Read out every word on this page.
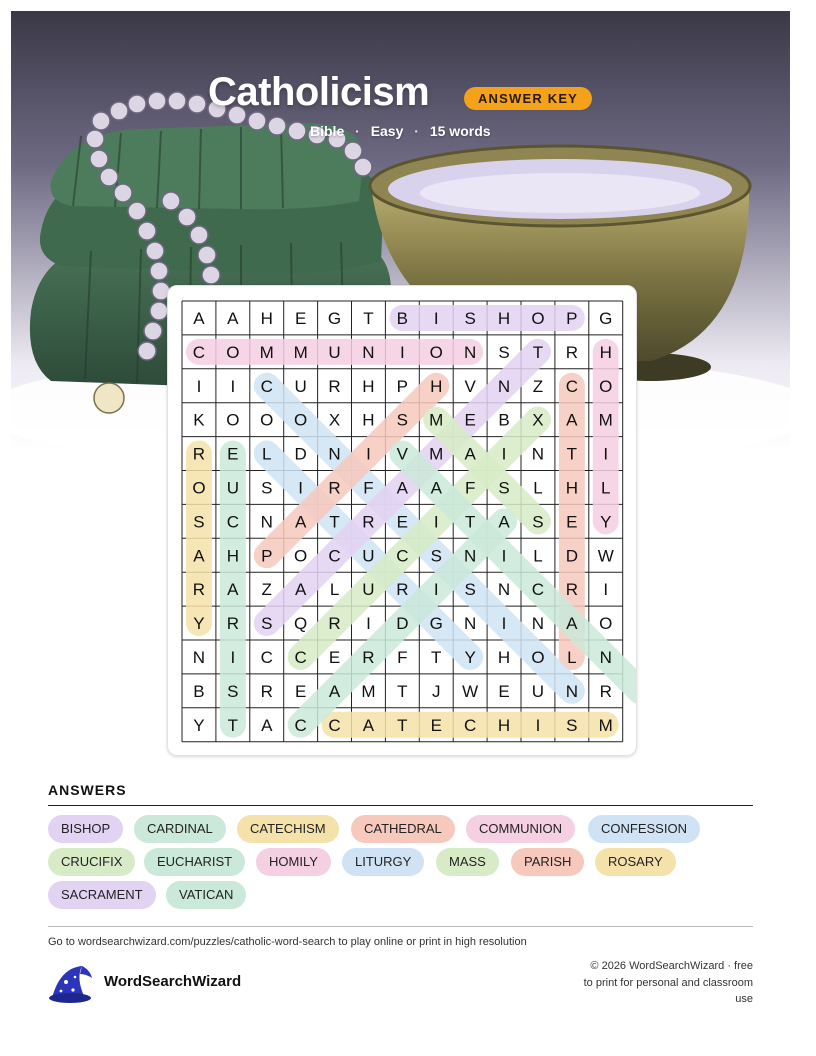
Catholicism	ANSWER KEY
Bible · Easy · 15 words
A A H E G T B I S H O P G
C O M M U N I O N S T R H
I I C U R H P H V N Z C O
K O O O X H S M E B X A M
R E L D N I V M A I N T I
O U S I R F A A F S L H L
S C N A T R E I T A S E Y
A H P O C U C S N I L D W
R A Z A L U R I S N C R I
Y R S Q R I D G N I N A O
N I C C E R F T Y H O L N
B S R E A M T J W E U N R
Y T A C C A T E C H I S M
ANSWERS
BISHOP	CARDINAL	CATECHISM	CATHEDRAL	COMMUNION	CONFESSION
CRUCIFIX	EUCHARIST	HOMILY	LITURGY	MASS	PARISH	ROSARY
SACRAMENT	VATICAN
Go to wordsearchwizard.com/puzzles/catholic-word-search to play online or print in high resolution
WordSearchWizard
© 2026 WordSearchWizard · free to print for personal and classroom use
